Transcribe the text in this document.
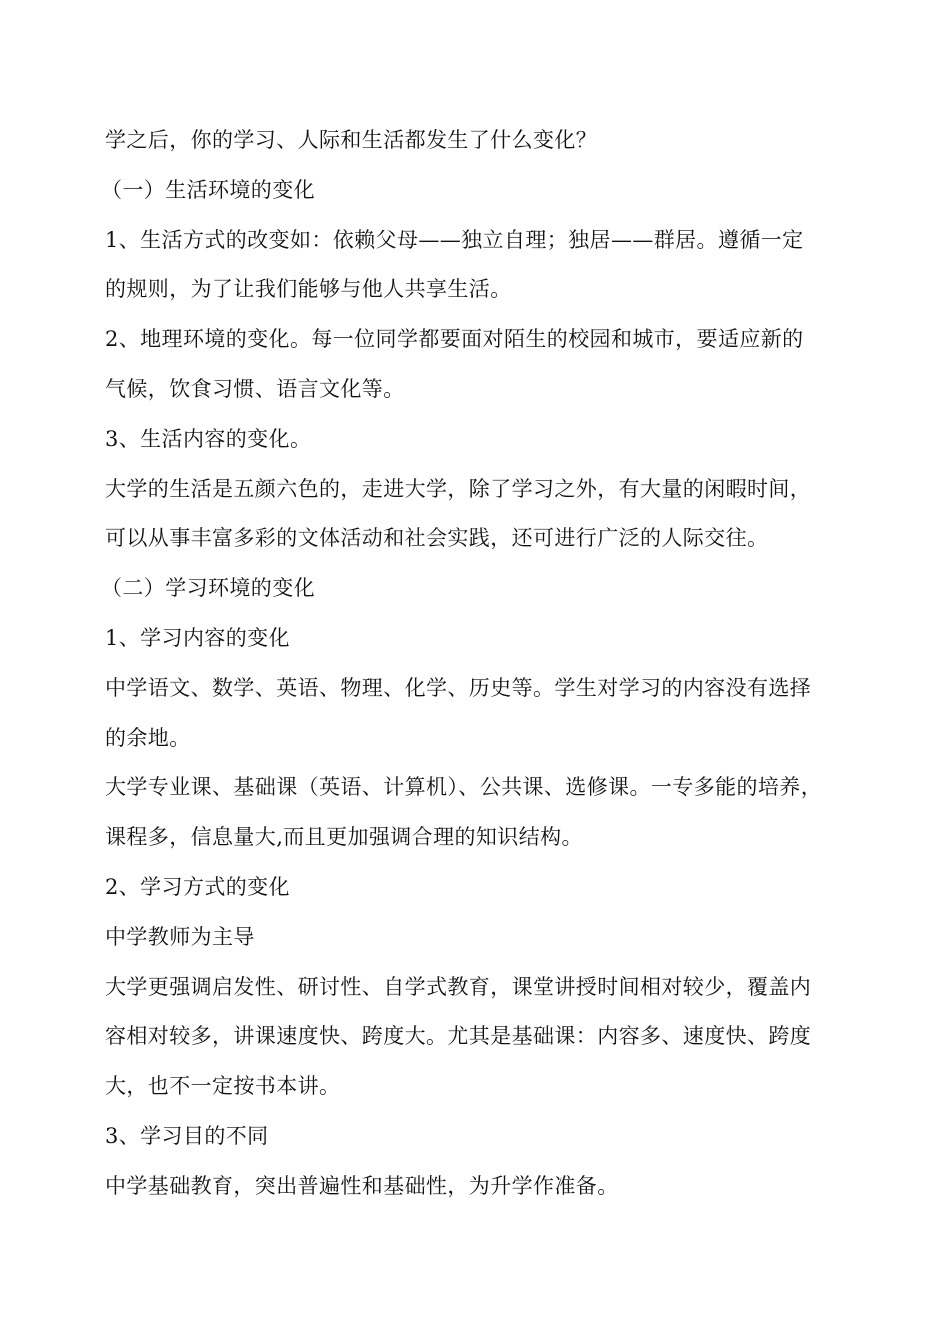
学之后，你的学习、人际和生活都发生了什么变化？
（一）生活环境的变化
1、生活方式的改变如：依赖父母——独立自理；独居——群居。遵循一定
的规则，为了让我们能够与他人共享生活。
2、地理环境的变化。每一位同学都要面对陌生的校园和城市，要适应新的
气候，饮食习惯、语言文化等。
3、生活内容的变化。
大学的生活是五颜六色的，走进大学，除了学习之外，有大量的闲暇时间，
可以从事丰富多彩的文体活动和社会实践，还可进行广泛的人际交往。
（二）学习环境的变化
1、学习内容的变化
中学语文、数学、英语、物理、化学、历史等。学生对学习的内容没有选择
的余地。
大学专业课、基础课（英语、计算机）、公共课、选修课。一专多能的培养，
课程多，信息量大,而且更加强调合理的知识结构。
2、学习方式的变化
中学教师为主导
大学更强调启发性、研讨性、自学式教育，课堂讲授时间相对较少，覆盖内
容相对较多，讲课速度快、跨度大。尤其是基础课：内容多、速度快、跨度
大，也不一定按书本讲。
3、学习目的不同
中学基础教育，突出普遍性和基础性，为升学作准备。
